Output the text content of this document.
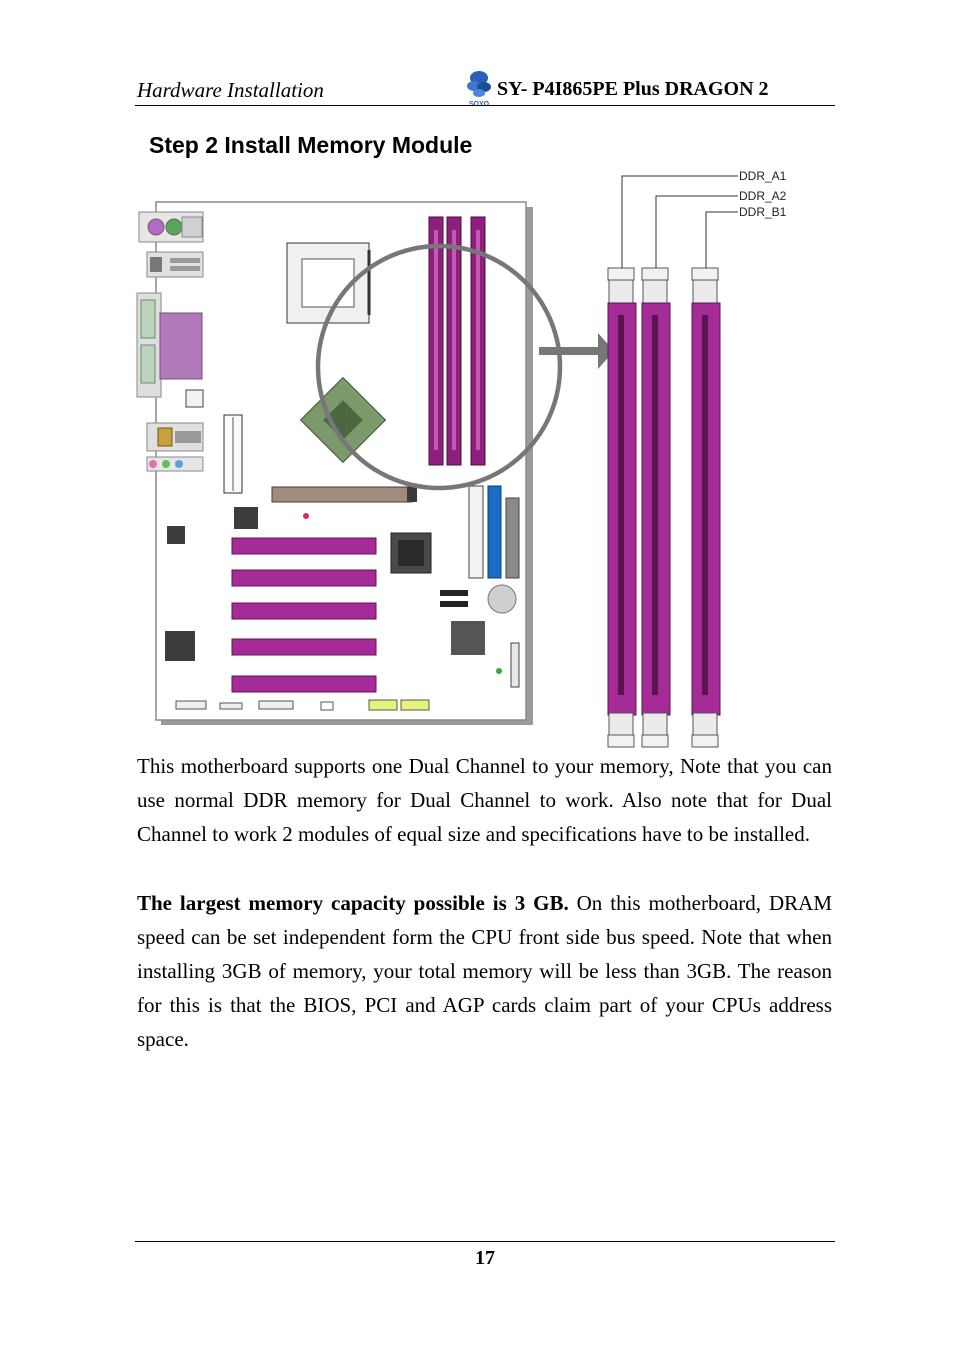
Hardware Installation
SOYO
SY- P4I865PE Plus DRAGON 2
Step 2 Install Memory Module
DDR_A1
DDR_A2
DDR_B1
This motherboard supports one Dual Channel to your memory, Note that you can use normal DDR memory for Dual Channel to work. Also note that for Dual Channel to work 2 modules of equal size and specifications have to be installed.
The largest memory capacity possible is 3 GB. On this motherboard, DRAM speed can be set independent form the CPU front side bus speed. Note that when installing 3GB of memory, your total memory will be less than 3GB. The reason for this is that the BIOS, PCI and AGP cards claim part of your CPUs address space.
17
